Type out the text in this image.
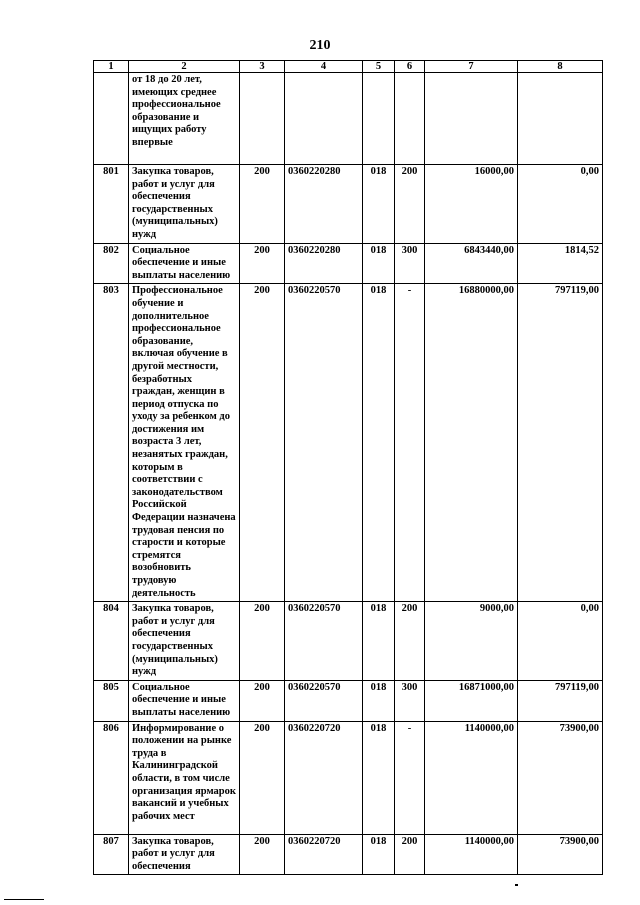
210
1	2	3	4	5	6	7	8
	от 18 до 20 лет, имеющих среднее профессиональное образование и ищущих работу впервые						
801	Закупка товаров, работ и услуг для обеспечения государственных (муниципальных) нужд	200	0360220280	018	200	16000,00	0,00
802	Социальное обеспечение и иные выплаты населению	200	0360220280	018	300	6843440,00	1814,52
803	Профессиональное обучение и дополнительное профессиональное образование, включая обучение в другой местности, безработных граждан, женщин в период отпуска по уходу за ребенком до достижения им возраста 3 лет, незанятых граждан, которым в соответствии с законодательством Российской Федерации назначена трудовая пенсия по старости и которые стремятся возобновить трудовую деятельность	200	0360220570	018	-	16880000,00	797119,00
804	Закупка товаров, работ и услуг для обеспечения государственных (муниципальных) нужд	200	0360220570	018	200	9000,00	0,00
805	Социальное обеспечение и иные выплаты населению	200	0360220570	018	300	16871000,00	797119,00
806	Информирование о положении на рынке труда в Калининградской области, в том числе организация ярмарок вакансий и учебных рабочих мест	200	0360220720	018	-	1140000,00	73900,00
807	Закупка товаров, работ и услуг для обеспечения	200	0360220720	018	200	1140000,00	73900,00
